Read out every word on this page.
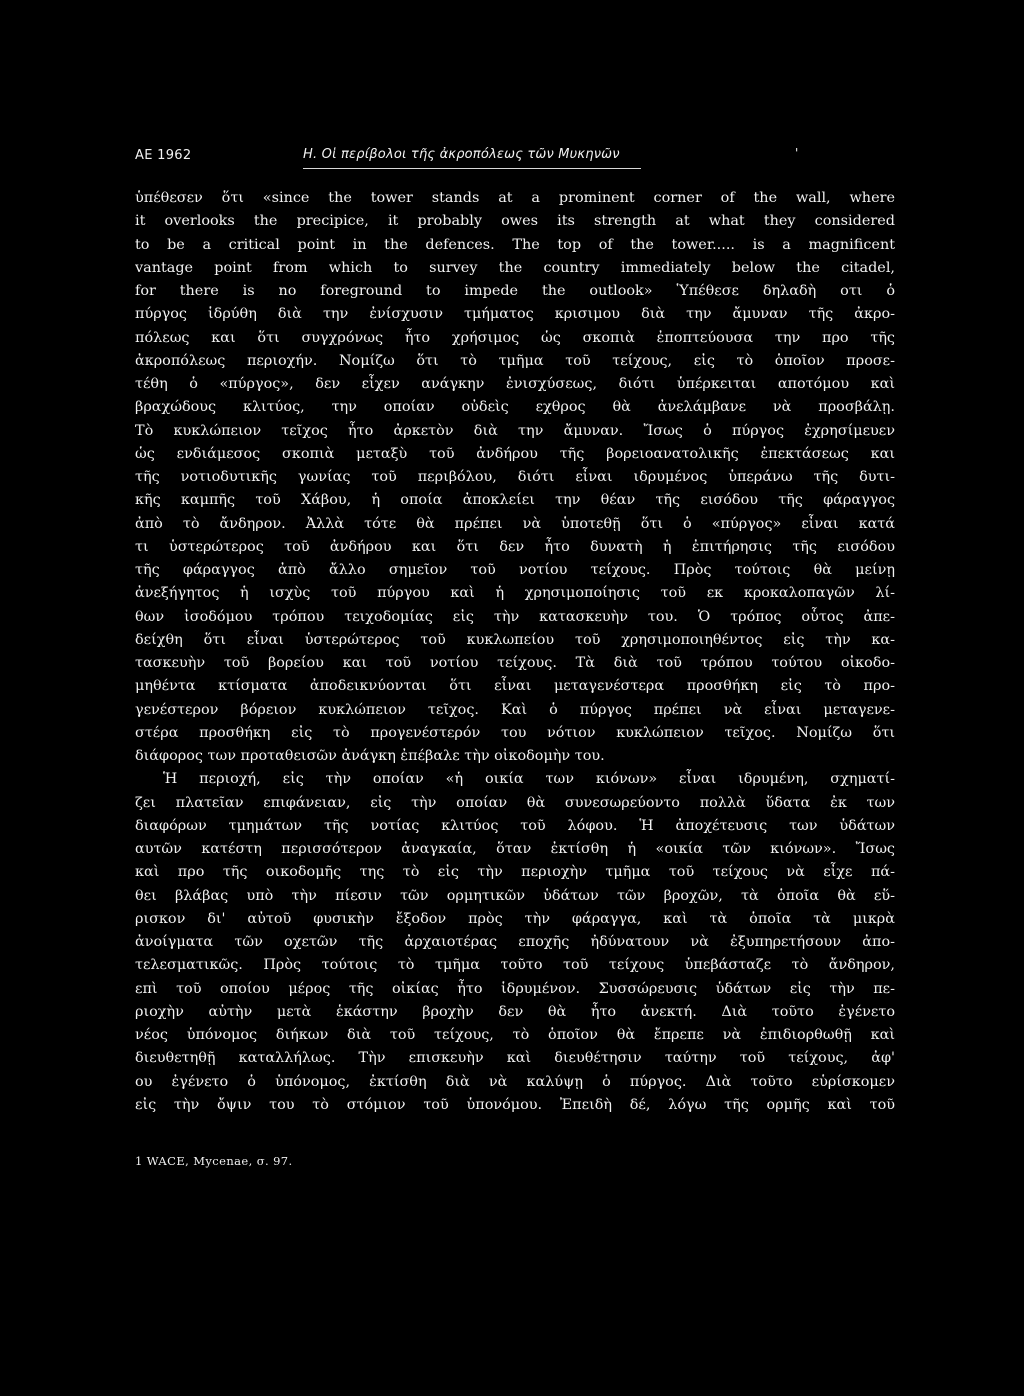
AE 1962	Η. Οἱ περίβολοι τῆς ἀκροπόλεως τῶν Μυκηνῶν	'
ὑπέθεσεν ὅτι «since the tower stands at a prominent corner of the wall, where
it overlooks the precipice, it probably owes its strength at what they considered
to be a critical point in the defences. The top of the tower..... is a magnificent
vantage point from which to survey the country immediately below the citadel,
for there is no foreground to impede the outlook» Ὑπέθεσε δηλαδὴ οτι ὁ
πύργος ἱδρύθη διὰ την ἐνίσχυσιν τμήματος κρισιμου διὰ την ἄμυναν τῆς ἀκρο-
πόλεως και ὅτι συγχρόνως ἦτο χρήσιμος ὡς σκοπιὰ ἐποπτεύουσα την προ τῆς
ἀκροπόλεως περιοχήν. Νομίζω ὅτι τὸ τμῆμα τοῦ τείχους, εἰς τὸ ὁποῖον προσε-
τέθη ὁ «πύργος», δεν εἶχεν ανάγκην ἐνισχύσεως, διότι ὑπέρκειται αποτόμου καὶ
βραχώδους κλιτύος, την οποίαν οὐδεὶς εχθρος θὰ ἀνελάμβανε νὰ προσβάλῃ.
Τὸ κυκλώπειον τεῖχος ἦτο ἀρκετὸν διὰ την ἄμυναν. Ἴσως ὁ πύργος ἐχρησίμευεν
ὡς ενδιάμεσος σκοπιὰ μεταξὺ τοῦ ἀνδήρου τῆς βορειοανατολικῆς ἐπεκτάσεως και
τῆς νοτιοδυτικῆς γωνίας τοῦ περιβόλου, διότι εἶναι ιδρυμένος ὑπεράνω τῆς δυτι-
κῆς καμπῆς τοῦ Χάβου, ἡ οποία ἀποκλείει την θέαν τῆς εισόδου τῆς φάραγγος
ἀπὸ τὸ ἄνδηρον. Ἀλλὰ τότε θὰ πρέπει νὰ ὑποτεθῇ ὅτι ὁ «πύργος» εἶναι κατά
τι ὑστερώτερος τοῦ ἀνδήρου και ὅτι δεν ἦτο δυνατὴ ἡ ἐπιτήρησις τῆς εισόδου
τῆς φάραγγος ἀπὸ ἄλλο σημεῖον τοῦ νοτίου τείχους. Πρὸς τούτοις θὰ μείνῃ
ἀνεξήγητος ἡ ισχὺς τοῦ πύργου καὶ ἡ χρησιμοποίησις τοῦ εκ κροκαλοπαγῶν λί-
θων ἰσοδόμου τρόπου τειχοδομίας εἰς τὴν κατασκευὴν του. Ὁ τρόπος οὗτος ἀπε-
δείχθη ὅτι εἶναι ὑστερώτερος τοῦ κυκλωπείου τοῦ χρησιμοποιηθέντος εἰς τὴν κα-
τασκευὴν τοῦ βορείου και τοῦ νοτίου τείχους. Τὰ διὰ τοῦ τρόπου τούτου οἰκοδο-
μηθέντα κτίσματα ἀποδεικνύονται ὅτι εἶναι μεταγενέστερα προσθήκη εἰς τὸ προ-
γενέστερον βόρειον κυκλώπειον τεῖχος. Καὶ ὁ πύργος πρέπει νὰ εἶναι μεταγενε-
στέρα προσθήκη εἰς τὸ προγενέστερόν του νότιον κυκλώπειον τεῖχος. Νομίζω ὅτι
διάφορος των προταθεισῶν ἀνάγκη ἐπέβαλε τὴν οἰκοδομὴν του.
Ἡ περιοχή, εἰς τὴν οποίαν «ἡ οικία των κιόνων» εἶναι ιδρυμένη, σχηματί-
ζει πλατεῖαν επιφάνειαν, εἰς τὴν οποίαν θὰ συνεσωρεύοντο πολλὰ ὕδατα ἐκ των
διαφόρων τμημάτων τῆς νοτίας κλιτύος τοῦ λόφου. Ἡ ἀποχέτευσις των ὑδάτων
αυτῶν κατέστη περισσότερον ἀναγκαία, ὅταν ἐκτίσθη ἡ «οικία τῶν κιόνων». Ἴσως
καὶ προ τῆς οικοδομῆς της τὸ εἰς τὴν περιοχὴν τμῆμα τοῦ τείχους νὰ εἶχε πά-
θει βλάβας υπὸ τὴν πίεσιν τῶν ορμητικῶν ὑδάτων τῶν βροχῶν, τὰ ὁποῖα θὰ εὕ-
ρισκον δι' αὐτοῦ φυσικὴν ἔξοδον πρὸς τὴν φάραγγα, καὶ τὰ ὁποῖα τὰ μικρὰ
ἀνοίγματα τῶν οχετῶν τῆς ἀρχαιοτέρας εποχῆς ἠδύνατουν νὰ ἐξυπηρετήσουν ἀπο-
τελεσματικῶς. Πρὸς τούτοις τὸ τμῆμα τοῦτο τοῦ τείχους ὑπεβάσταζε τὸ ἄνδηρον,
επὶ τοῦ οποίου μέρος τῆς οἰκίας ἦτο ἱδρυμένον. Συσσώρευσις ὑδάτων εἰς τὴν πε-
ριοχὴν αὐτὴν μετὰ ἑκάστην βροχὴν δεν θὰ ἦτο ἀνεκτή. Διὰ τοῦτο ἐγένετο
νέος ὑπόνομος διήκων διὰ τοῦ τείχους, τὸ ὁποῖον θὰ ἔπρεπε νὰ ἐπιδιορθωθῇ καὶ
διευθετηθῇ καταλλήλως. Τὴν επισκευὴν καὶ διευθέτησιν ταύτην τοῦ τείχους, ἀφ'
ου ἐγένετο ὁ ὑπόνομος, ἐκτίσθη διὰ νὰ καλύψῃ ὁ πύργος. Διὰ τοῦτο εὑρίσκομεν
εἰς τὴν ὄψιν του τὸ στόμιον τοῦ ὑπονόμου. Ἐπειδὴ δέ, λόγω τῆς ορμῆς καὶ τοῦ
1 WACE, Mycenae, σ. 97.
